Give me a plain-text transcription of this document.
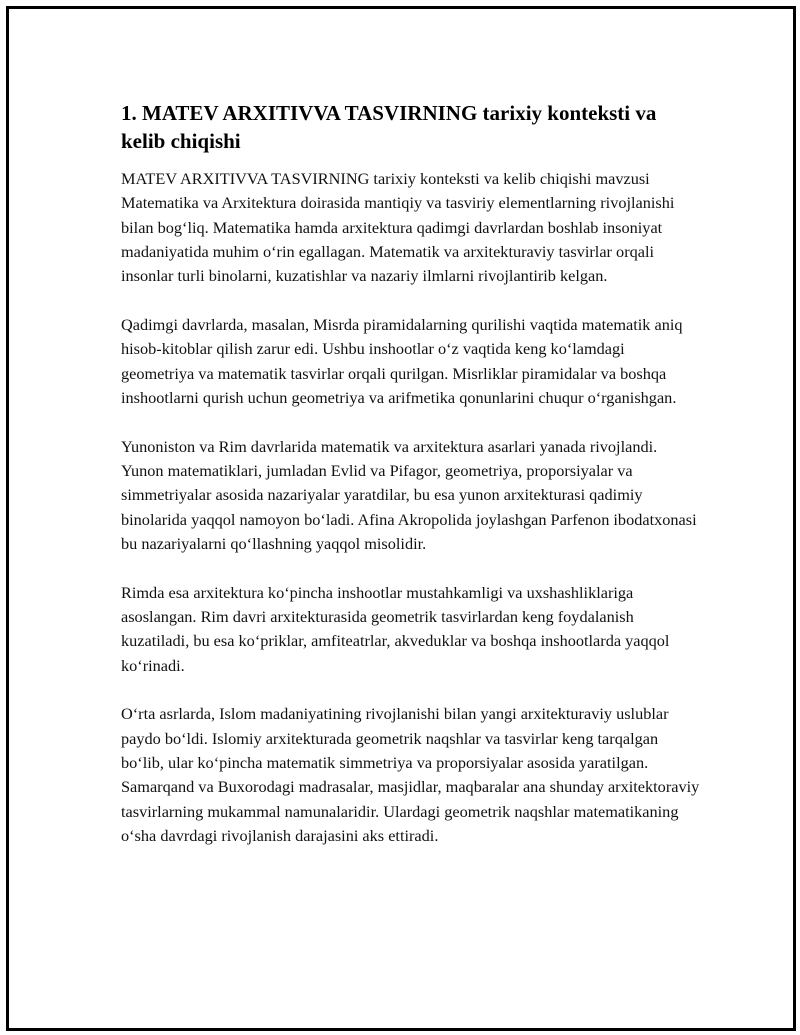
1. MATEV ARXITIVVA TASVIRNING tarixiy konteksti va kelib chiqishi

MATEV ARXITIVVA TASVIRNING tarixiy konteksti va kelib chiqishi mavzusi Matematika va Arxitektura doirasida mantiqiy va tasviriy elementlarning rivojlanishi bilan bog‘liq. Matematika hamda arxitektura qadimgi davrlardan boshlab insoniyat madaniyatida muhim o‘rin egallagan. Matematik va arxitekturaviy tasvirlar orqali insonlar turli binolarni, kuzatishlar va nazariy ilmlarni rivojlantirib kelgan.

Qadimgi davrlarda, masalan, Misrda piramidalarning qurilishi vaqtida matematik aniq hisob-kitoblar qilish zarur edi. Ushbu inshootlar o‘z vaqtida keng ko‘lamdagi geometriya va matematik tasvirlar orqali qurilgan. Misrliklar piramidalar va boshqa inshootlarni qurish uchun geometriya va arifmetika qonunlarini chuqur o‘rganishgan.

Yunoniston va Rim davrlarida matematik va arxitektura asarlari yanada rivojlandi. Yunon matematiklari, jumladan Evlid va Pifagor, geometriya, proporsiyalar va simmetriyalar asosida nazariyalar yaratdilar, bu esa yunon arxitekturasi qadimiy binolarida yaqqol namoyon bo‘ladi. Afina Akropolida joylashgan Parfenon ibodatxonasi bu nazariyalarni qo‘llashning yaqqol misolidir.

Rimda esa arxitektura ko‘pincha inshootlar mustahkamligi va uxshashliklariga asoslangan. Rim davri arxitekturasida geometrik tasvirlardan keng foydalanish kuzatiladi, bu esa ko‘priklar, amfiteatrlar, akveduklar va boshqa inshootlarda yaqqol ko‘rinadi.

O‘rta asrlarda, Islom madaniyatining rivojlanishi bilan yangi arxitekturaviy uslublar paydo bo‘ldi. Islomiy arxitekturada geometrik naqshlar va tasvirlar keng tarqalgan bo‘lib, ular ko‘pincha matematik simmetriya va proporsiyalar asosida yaratilgan. Samarqand va Buxorodagi madrasalar, masjidlar, maqbaralar ana shunday arxitektoraviy tasvirlarning mukammal namunalaridir. Ulardagi geometrik naqshlar matematikaning o‘sha davrdagi rivojlanish darajasini aks ettiradi.
